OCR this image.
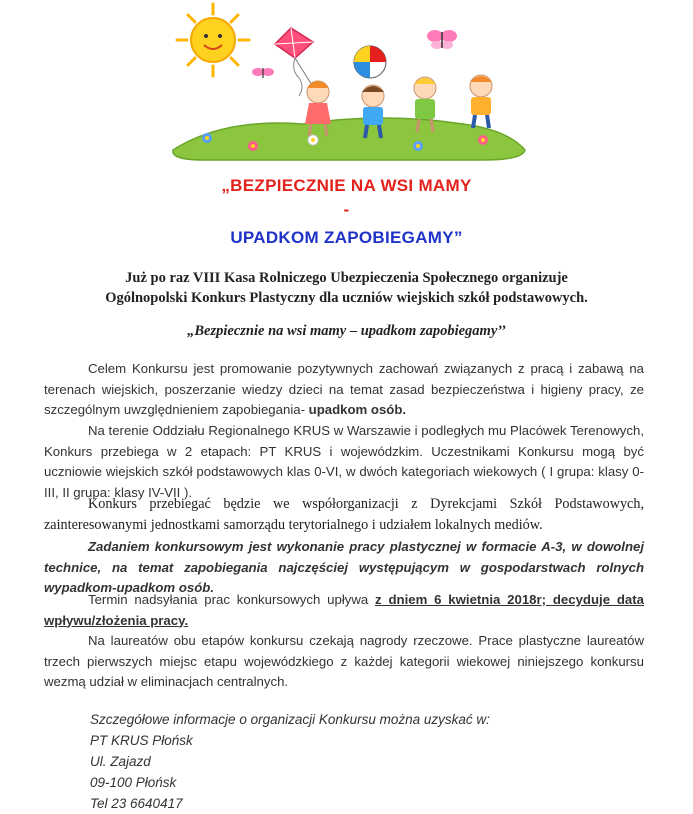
„BEZPIECZNIE NA WSI MAMY
-
UPADKOM ZAPOBIEGAMY”
Już po raz VIII Kasa Rolniczego Ubezpieczenia Społecznego organizuje
Ogólnopolski Konkurs Plastyczny dla uczniów wiejskich szkół podstawowych.
„Bezpiecznie na wsi mamy – upadkom zapobiegamy’’
Celem Konkursu jest promowanie pozytywnych zachowań związanych z pracą i zabawą na terenach wiejskich, poszerzanie wiedzy dzieci na temat zasad bezpieczeństwa i higieny pracy, ze szczególnym uwzględnieniem zapobiegania- upadkom osób.
Na terenie Oddziału Regionalnego KRUS w Warszawie i podległych mu Placówek Terenowych, Konkurs przebiega w 2 etapach: PT KRUS i wojewódzkim. Uczestnikami Konkursu mogą być uczniowie wiejskich szkół podstawowych klas 0-VI, w dwóch kategoriach wiekowych ( I grupa: klasy 0-III, II grupa: klasy IV-VII ).
Konkurs przebiegać będzie we współorganizacji z Dyrekcjami Szkół Podstawowych, zainteresowanymi jednostkami samorządu terytorialnego i udziałem lokalnych mediów.
Zadaniem konkursowym jest wykonanie pracy plastycznej w formacie A-3, w dowolnej technice, na temat zapobiegania najczęściej występującym w gospodarstwach rolnych wypadkom-upadkom osób.
Termin nadsyłania prac konkursowych upływa z dniem 6 kwietnia 2018r; decyduje data wpływu/złożenia pracy.
Na laureatów obu etapów konkursu czekają nagrody rzeczowe. Prace plastyczne laureatów trzech pierwszych miejsc etapu wojewódzkiego z każdej kategorii wiekowej niniejszego konkursu wezmą udział w eliminacjach centralnych.
Szczegółowe informacje o organizacji Konkursu można uzyskać w:
PT KRUS Płońsk
Ul. Zajazd
09-100 Płońsk
Tel 23 6640417
